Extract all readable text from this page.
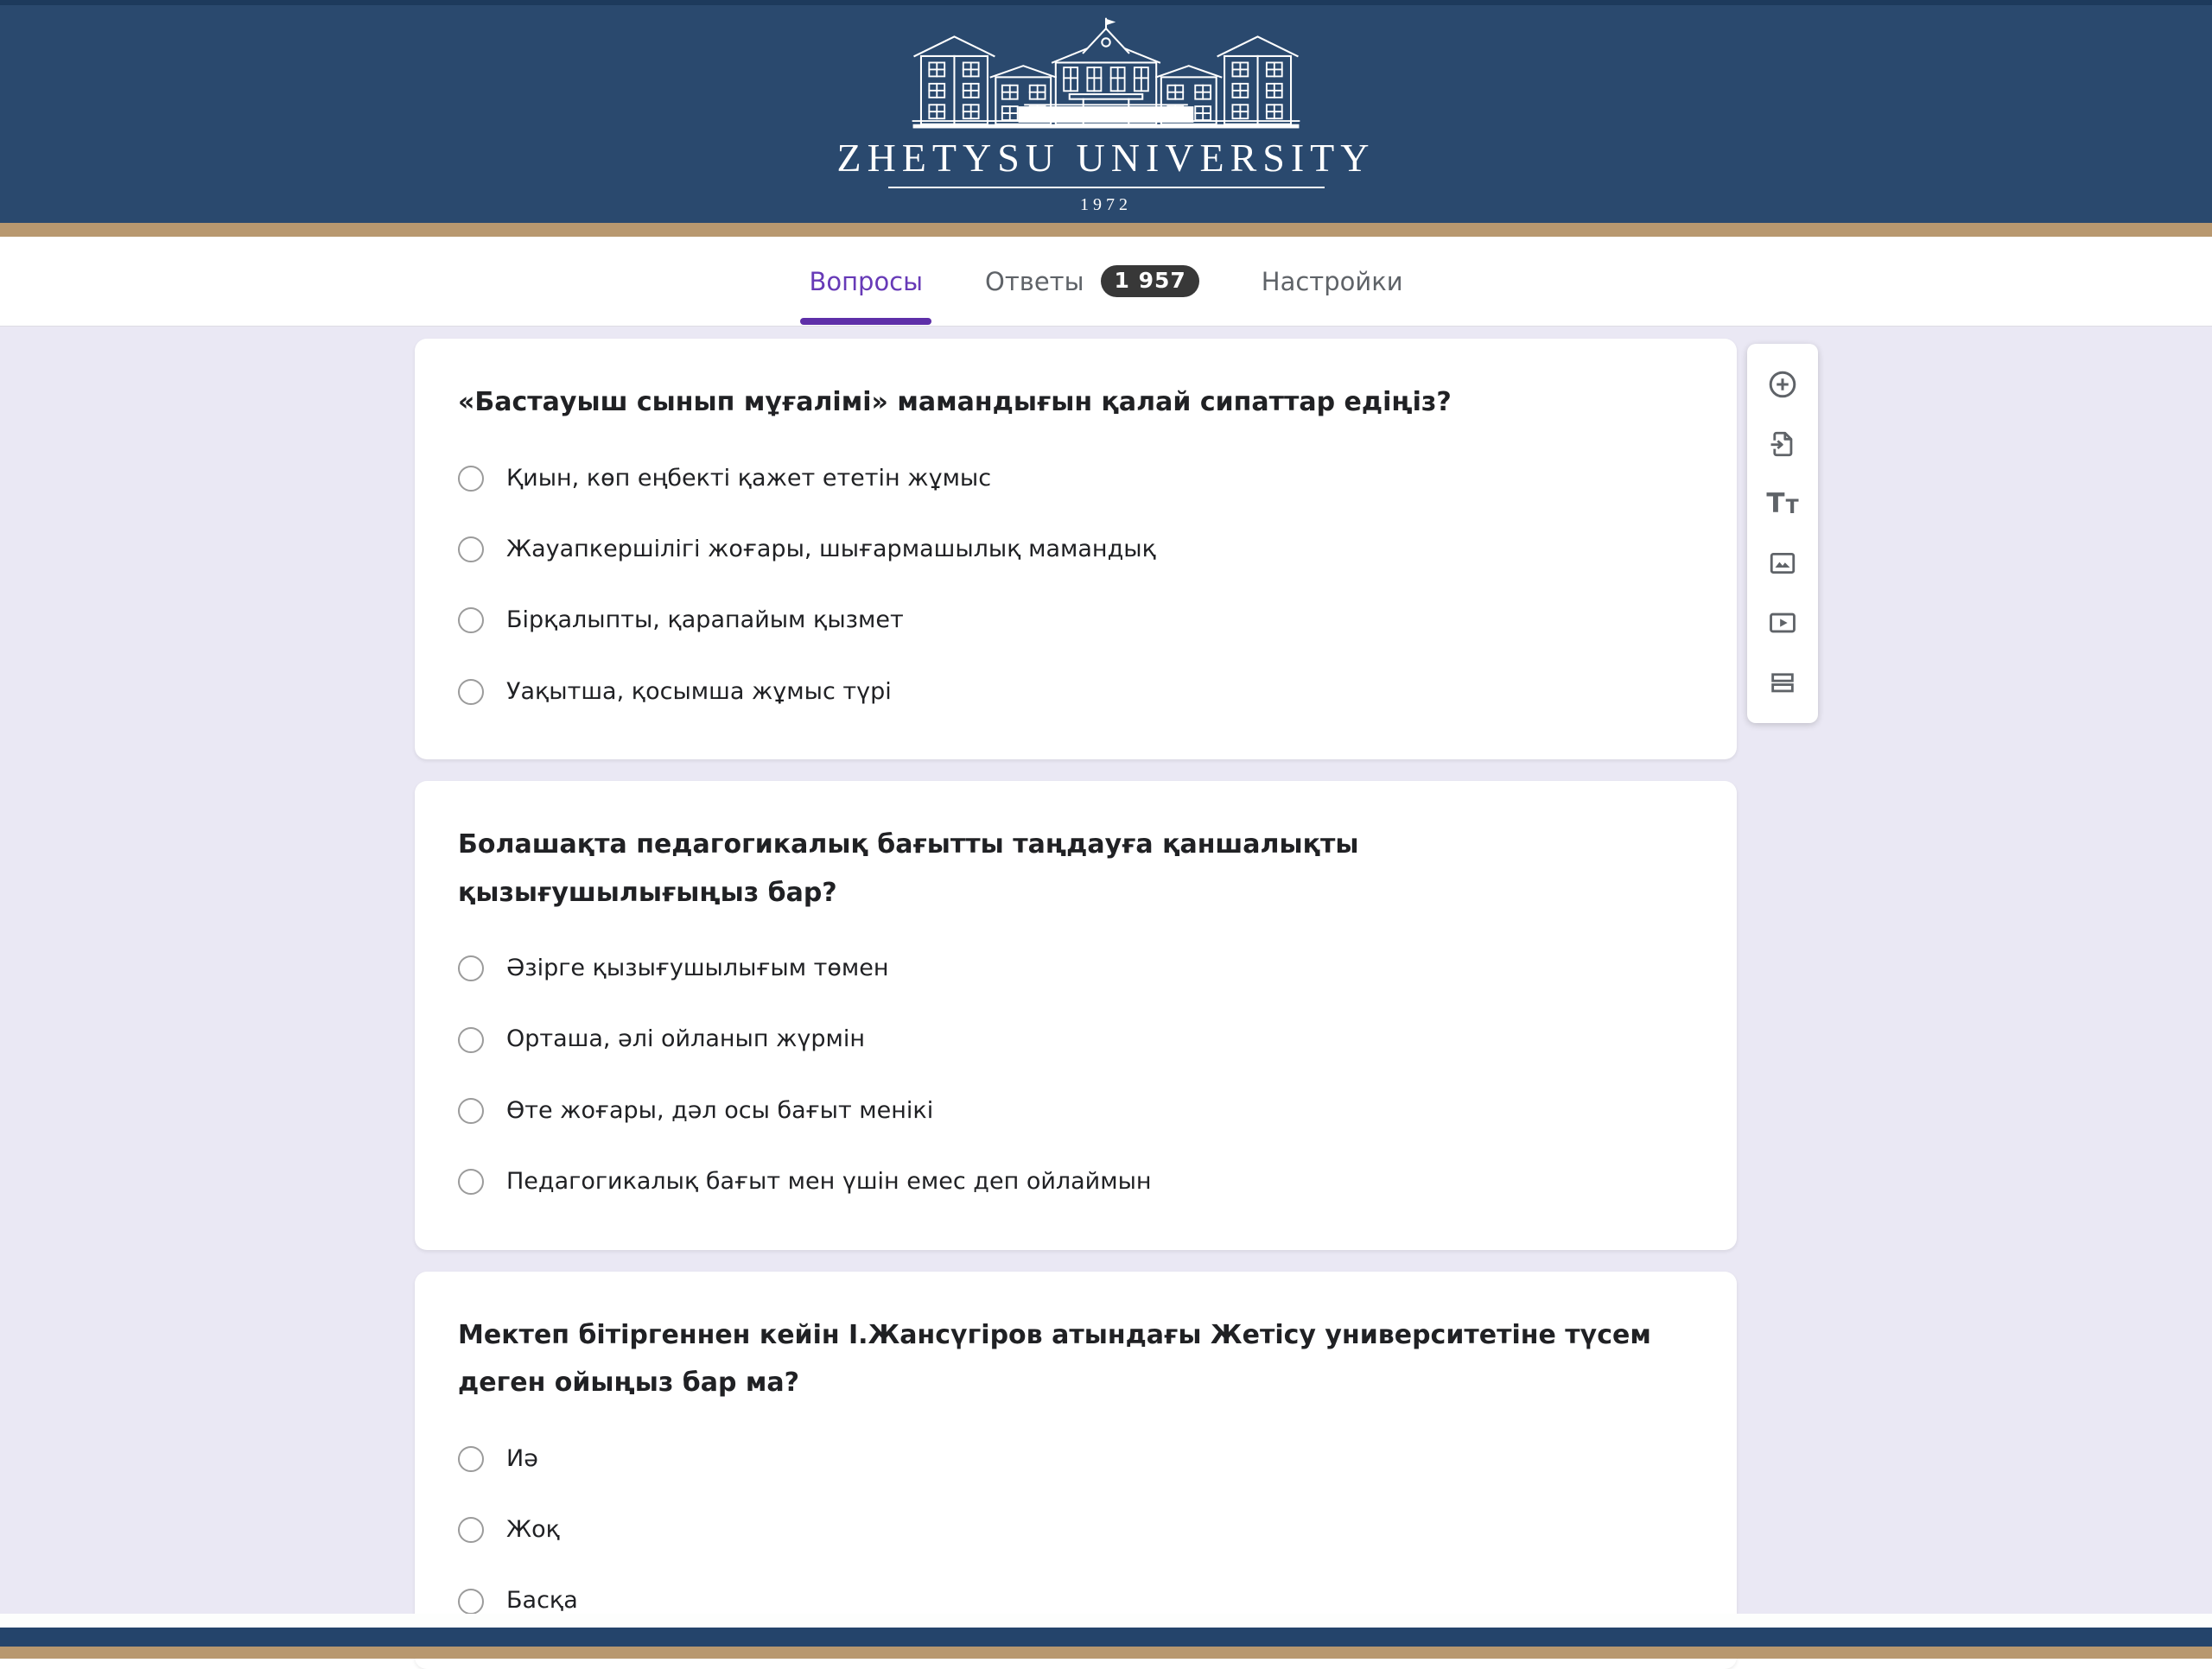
ZHETYSU UNIVERSITY
1972
Вопросы Ответы	1 957	Настройки
«Бастауыш сынып мұғалімі» мамандығын қалай сипаттар едіңіз?
Қиын, көп еңбекті қажет ететін жұмыс
Жауапкершілігі жоғары, шығармашылық мамандық
Бірқалыпты, қарапайым қызмет
Уақытша, қосымша жұмыс түрі
Болашақта педагогикалық бағытты таңдауға қаншалықты қызығушылығыңыз бар?
Әзірге қызығушылығым төмен
Орташа, әлі ойланып жүрмін
Өте жоғары, дәл осы бағыт менікі
Педагогикалық бағыт мен үшін емес деп ойлаймын
Мектеп бітіргеннен кейін І.Жансүгіров атындағы Жетісу университетіне түсем деген ойыңыз бар ма?
Иә
Жоқ
Басқа
T T
